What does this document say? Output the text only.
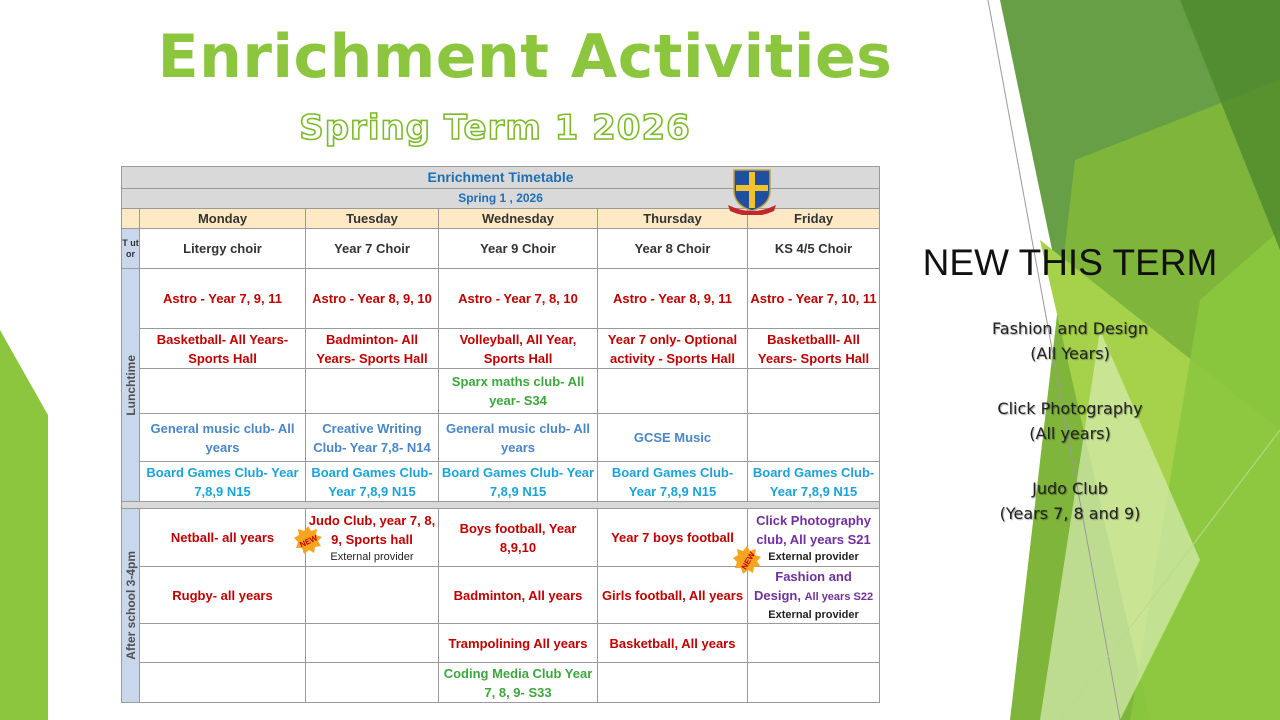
Enrichment Activities
Spring Term 1 2026
Enrichment Timetable					
Spring 1 , 2026					
	Monday	Tuesday	Wednesday	Thursday	Friday

T ut or	Litergy choir	Year 7 Choir	Year 9 Choir	Year 8 Choir	KS 4/5 Choir

Lunchtime	Astro - Year 7, 9, 11	Astro - Year 8, 9, 10	Astro - Year 7, 8, 10	Astro - Year 8, 9, 11	Astro - Year 7, 10, 11
	Basketball- All Years- Sports Hall	Badminton- All Years- Sports Hall	Volleyball, All Year, Sports Hall	Year 7 only- Optional activity - Sports Hall	Basketballl- All Years- Sports Hall
			Sparx maths club- All year- S34		
	General music club- All years	Creative Writing Club- Year 7,8- N14	General music club- All years	GCSE Music	
	Board Games Club- Year 7,8,9 N15	Board Games Club- Year 7,8,9 N15	Board Games Club- Year 7,8,9 N15	Board Games Club- Year 7,8,9 N15	Board Games Club- Year 7,8,9 N15

After school 3-4pm	Netball- all years	Judo Club, year 7, 8, 9, Sports hall
External provider	Boys football, Year 8,9,10	Year 7 boys football	Click Photography club, All years S21
External provider

	Rugby- all years		Badminton, All years	Girls football, All years	Fashion and Design, All years S22
External provider

			Trampolining All years	Basketball, All years	
			Coding Media Club Year 7, 8, 9- S33		
NEW
NEW
NEW THIS TERM

Fashion and Design

(All Years)

Click Photography

(All years)

Judo Club

(Years 7, 8 and 9)
